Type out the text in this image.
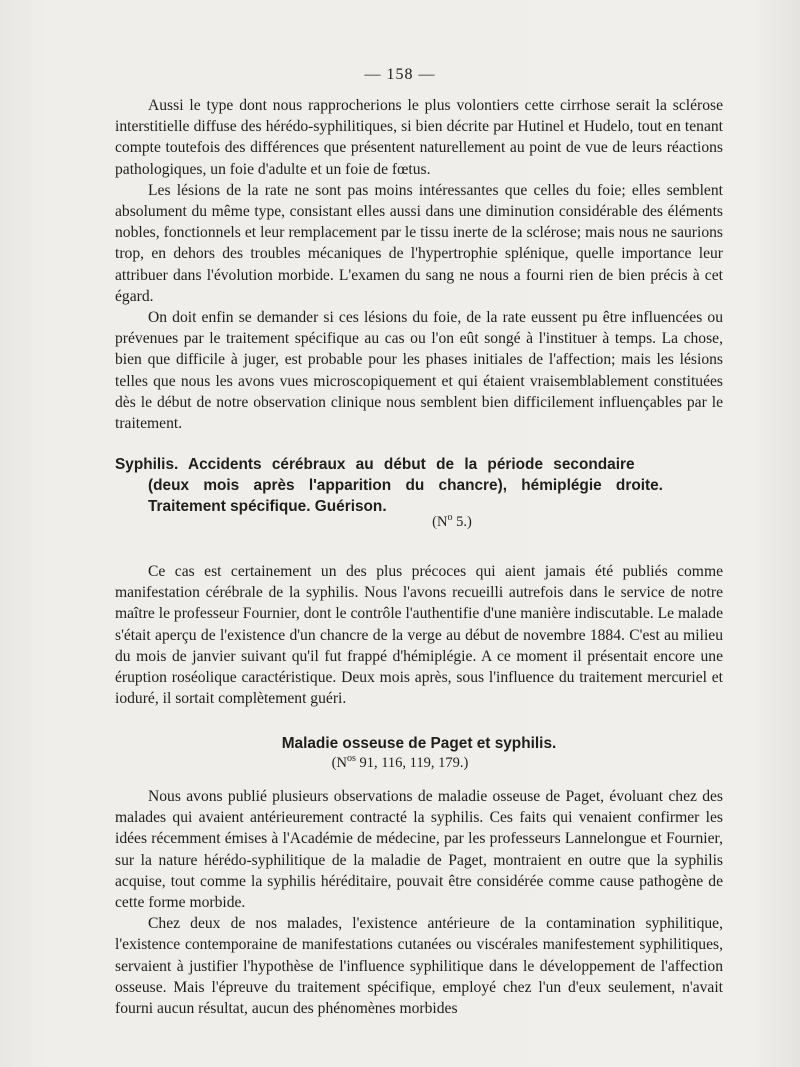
— 158 —

Aussi le type dont nous rapprocherions le plus volontiers cette cirrhose serait la sclérose interstitielle diffuse des hérédo-syphilitiques, si bien décrite par Hutinel et Hudelo, tout en tenant compte toutefois des différences que présentent naturellement au point de vue de leurs réactions pathologiques, un foie d'adulte et un foie de fœtus.

Les lésions de la rate ne sont pas moins intéressantes que celles du foie; elles semblent absolument du même type, consistant elles aussi dans une diminution considérable des éléments nobles, fonctionnels et leur remplacement par le tissu inerte de la sclérose; mais nous ne saurions trop, en dehors des troubles mécaniques de l'hypertrophie splénique, quelle importance leur attribuer dans l'évolution morbide. L'examen du sang ne nous a fourni rien de bien précis à cet égard.

On doit enfin se demander si ces lésions du foie, de la rate eussent pu être influencées ou prévenues par le traitement spécifique au cas ou l'on eût songé à l'instituer à temps. La chose, bien que difficile à juger, est probable pour les phases initiales de l'affection; mais les lésions telles que nous les avons vues microscopiquement et qui étaient vraisemblablement constituées dès le début de notre observation clinique nous semblent bien difficilement influençables par le traitement.

Syphilis. Accidents cérébraux au début de la période secondaire
(deux mois après l'apparition du chancre), hémiplégie droite.
Traitement spécifique. Guérison.
($N^o$ 5.)

Ce cas est certainement un des plus précoces qui aient jamais été publiés comme manifestation cérébrale de la syphilis. Nous l'avons recueilli autrefois dans le service de notre maître le professeur Fournier, dont le contrôle l'authentifie d'une manière indiscutable. Le malade s'était aperçu de l'existence d'un chancre de la verge au début de novembre 1884. C'est au milieu du mois de janvier suivant qu'il fut frappé d'hémiplégie. A ce moment il présentait encore une éruption roséolique caractéristique. Deux mois après, sous l'influence du traitement mercuriel et ioduré, il sortait complètement guéri.

Maladie osseuse de Paget et syphilis.
($N^{os}$ 91, 116, 119, 179.)

Nous avons publié plusieurs observations de maladie osseuse de Paget, évoluant chez des malades qui avaient antérieurement contracté la syphilis. Ces faits qui venaient confirmer les idées récemment émises à l'Académie de médecine, par les professeurs Lannelongue et Fournier, sur la nature hérédo-syphilitique de la maladie de Paget, montraient en outre que la syphilis acquise, tout comme la syphilis héréditaire, pouvait être considérée comme cause pathogène de cette forme morbide.

Chez deux de nos malades, l'existence antérieure de la contamination syphilitique, l'existence contemporaine de manifestations cutanées ou viscérales manifestement syphilitiques, servaient à justifier l'hypothèse de l'influence syphilitique dans le développement de l'affection osseuse. Mais l'épreuve du traitement spécifique, employé chez l'un d'eux seulement, n'avait fourni aucun résultat, aucun des phénomènes morbides
